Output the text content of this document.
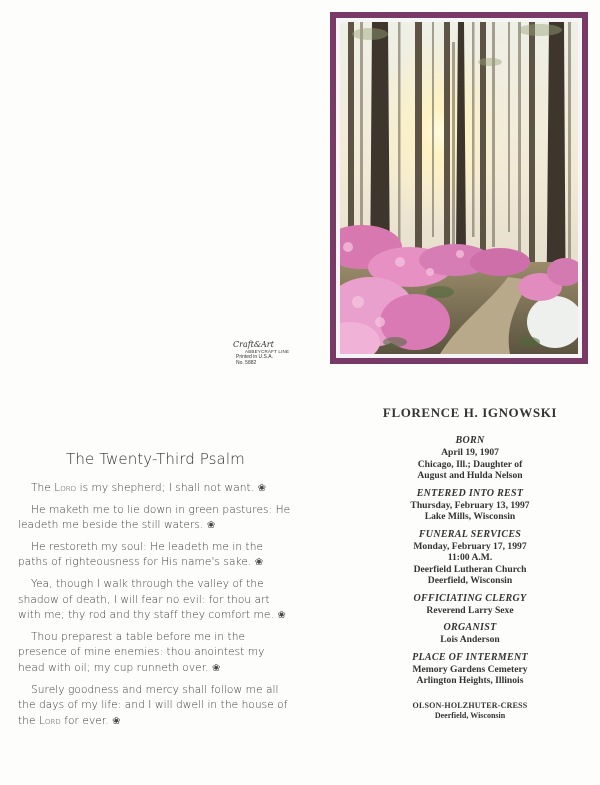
Craft&Art
ABBEYCRAFT LINE
Printed in U.S.A.
No. 5882
The Twenty-Third Psalm

The Lord is my shepherd; I shall not want. ❀

He maketh me to lie down in green pastures: He leadeth me beside the still waters. ❀

He restoreth my soul: He leadeth me in the paths of righteousness for His name's sake. ❀

Yea, though I walk through the valley of the shadow of death, I will fear no evil: for thou art with me; thy rod and thy staff they comfort me. ❀

Thou preparest a table before me in the presence of mine enemies: thou anointest my head with oil; my cup runneth over. ❀

Surely goodness and mercy shall follow me all the days of my life: and I will dwell in the house of the Lord for ever. ❀

FLORENCE H. IGNOWSKI
BORN
April 19, 1907
Chicago, Ill.; Daughter of
August and Hulda Nelson
ENTERED INTO REST
Thursday, February 13, 1997
Lake Mills, Wisconsin
FUNERAL SERVICES
Monday, February 17, 1997
11:00 A.M.
Deerfield Lutheran Church
Deerfield, Wisconsin
OFFICIATING CLERGY
Reverend Larry Sexe
ORGANIST
Lois Anderson
PLACE OF INTERMENT
Memory Gardens Cemetery
Arlington Heights, Illinois
OLSON-HOLZHUTER-CRESS
Deerfield, Wisconsin
